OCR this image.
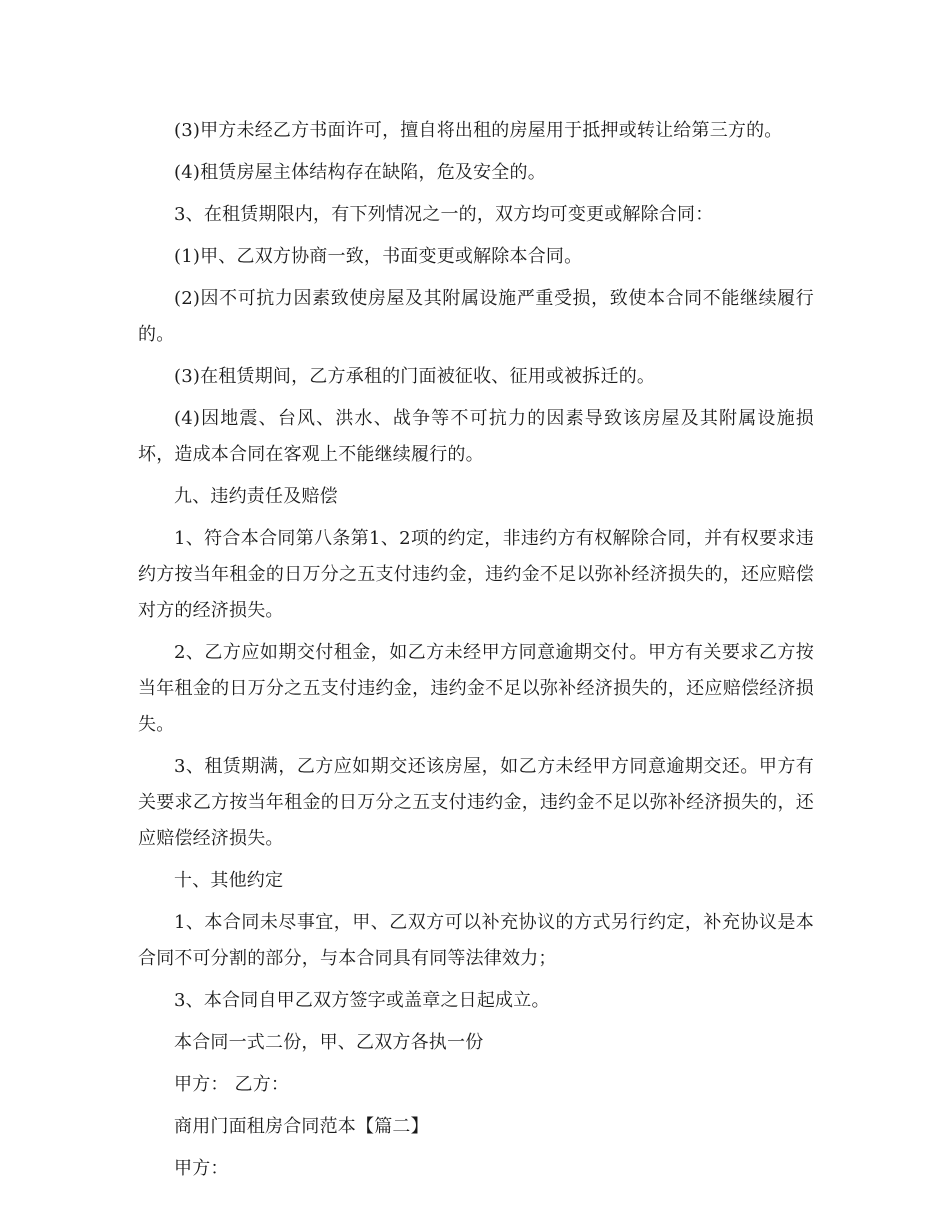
(3)甲方未经乙方书面许可，擅自将出租的房屋用于抵押或转让给第三方的。

(4)租赁房屋主体结构存在缺陷，危及安全的。

3、在租赁期限内，有下列情况之一的，双方均可变更或解除合同：

(1)甲、乙双方协商一致，书面变更或解除本合同。

(2)因不可抗力因素致使房屋及其附属设施严重受损，致使本合同不能继续履行的。

(3)在租赁期间，乙方承租的门面被征收、征用或被拆迁的。

(4)因地震、台风、洪水、战争等不可抗力的因素导致该房屋及其附属设施损坏，造成本合同在客观上不能继续履行的。

九、违约责任及赔偿

1、符合本合同第八条第1、2项的约定，非违约方有权解除合同，并有权要求违约方按当年租金的日万分之五支付违约金，违约金不足以弥补经济损失的，还应赔偿对方的经济损失。

2、乙方应如期交付租金，如乙方未经甲方同意逾期交付。甲方有关要求乙方按当年租金的日万分之五支付违约金，违约金不足以弥补经济损失的，还应赔偿经济损失。

3、租赁期满，乙方应如期交还该房屋，如乙方未经甲方同意逾期交还。甲方有关要求乙方按当年租金的日万分之五支付违约金，违约金不足以弥补经济损失的，还应赔偿经济损失。

十、其他约定

1、本合同未尽事宜，甲、乙双方可以补充协议的方式另行约定，补充协议是本合同不可分割的部分，与本合同具有同等法律效力；

3、本合同自甲乙双方签字或盖章之日起成立。

本合同一式二份，甲、乙双方各执一份

甲方： 乙方：

商用门面租房合同范本【篇二】

甲方：
